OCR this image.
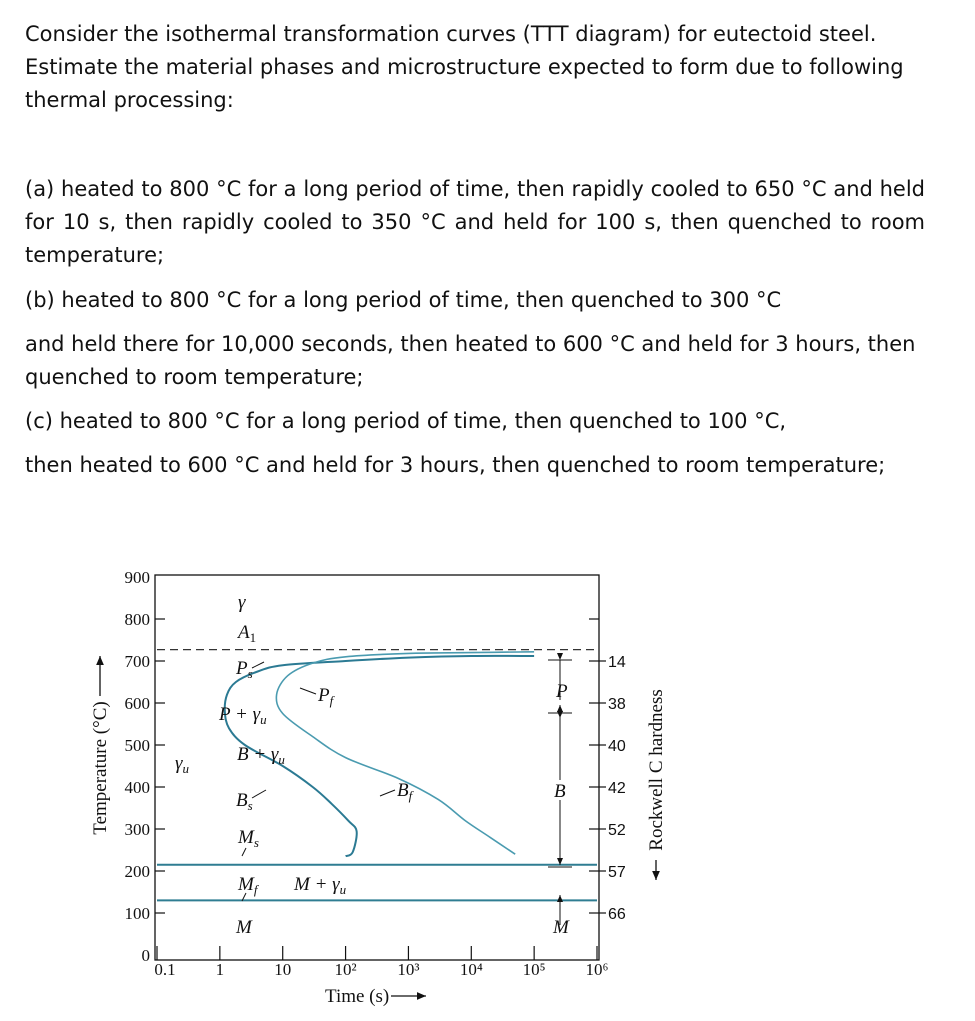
Consider the isothermal transformation curves (TTT diagram) for eutectoid steel. Estimate the material phases and microstructure expected to form due to following thermal processing:

(a) heated to 800 °C for a long period of time, then rapidly cooled to 650 °C and held for 10 s, then rapidly cooled to 350 °C and held for 100 s, then quenched to room temperature;

(b) heated to 800 °C for a long period of time, then quenched to 300 °C

and held there for 10,000 seconds, then heated to 600 °C and held for 3 hours, then quenched to room temperature;

(c) heated to 800 °C for a long period of time, then quenched to 100 °C,

then heated to 600 °C and held for 3 hours, then quenched to room temperature;

0
100
200
300
400
500
600
700
800
900
0.1 1	10	10² 10³ 10⁴ 10⁵ 10⁶
14
38
40
42
52
57
66
γ
$A_1$
$P_s$
$P_f$
$P + \gamma_u$
$\gamma_u$
$B + \gamma_u$
$B_s$
$B_f$
$M_s$
$M_f$ $M + \gamma_u$
M
P
B
M
Temperature (°C)
Time (s)
Rockwell C hardness
